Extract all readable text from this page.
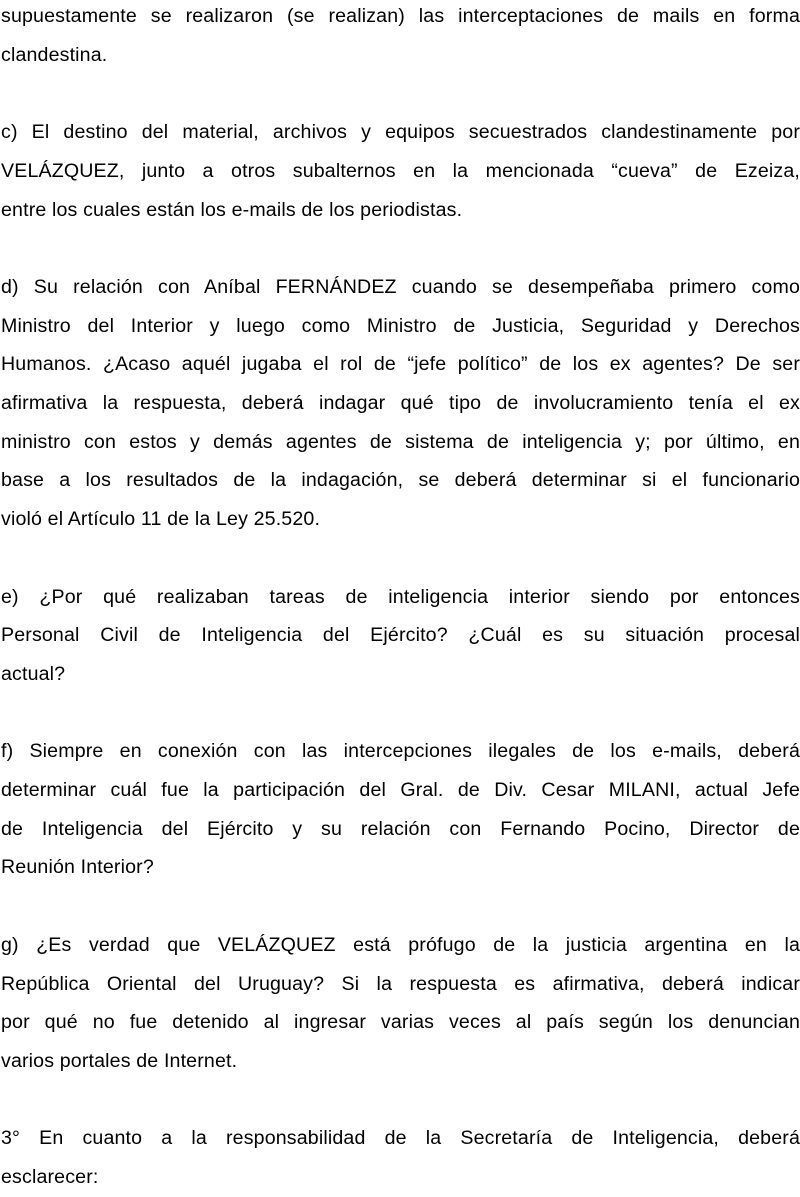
supuestamente se realizaron (se realizan) las interceptaciones de mails en forma
clandestina.
c) El destino del material, archivos y equipos secuestrados clandestinamente por
VELÁZQUEZ, junto a otros subalternos en la mencionada “cueva” de Ezeiza,
entre los cuales están los e-mails de los periodistas.
d) Su relación con Aníbal FERNÁNDEZ cuando se desempeñaba primero como
Ministro del Interior y luego como Ministro de Justicia, Seguridad y Derechos
Humanos. ¿Acaso aquél jugaba el rol de “jefe político” de los ex agentes? De ser
afirmativa la respuesta, deberá indagar qué tipo de involucramiento tenía el ex
ministro con estos y demás agentes de sistema de inteligencia y; por último, en
base a los resultados de la indagación, se deberá determinar si el funcionario
violó el Artículo 11 de la Ley 25.520.
e) ¿Por qué realizaban tareas de inteligencia interior siendo por entonces
Personal Civil de Inteligencia del Ejército? ¿Cuál es su situación procesal
actual?
f) Siempre en conexión con las intercepciones ilegales de los e-mails, deberá
determinar cuál fue la participación del Gral. de Div. Cesar MILANI, actual Jefe
de Inteligencia del Ejército y su relación con Fernando Pocino, Director de
Reunión Interior?
g) ¿Es verdad que VELÁZQUEZ está prófugo de la justicia argentina en la
República Oriental del Uruguay? Si la respuesta es afirmativa, deberá indicar
por qué no fue detenido al ingresar varias veces al país según los denuncian
varios portales de Internet.
3° En cuanto a la responsabilidad de la Secretaría de Inteligencia, deberá
esclarecer:
